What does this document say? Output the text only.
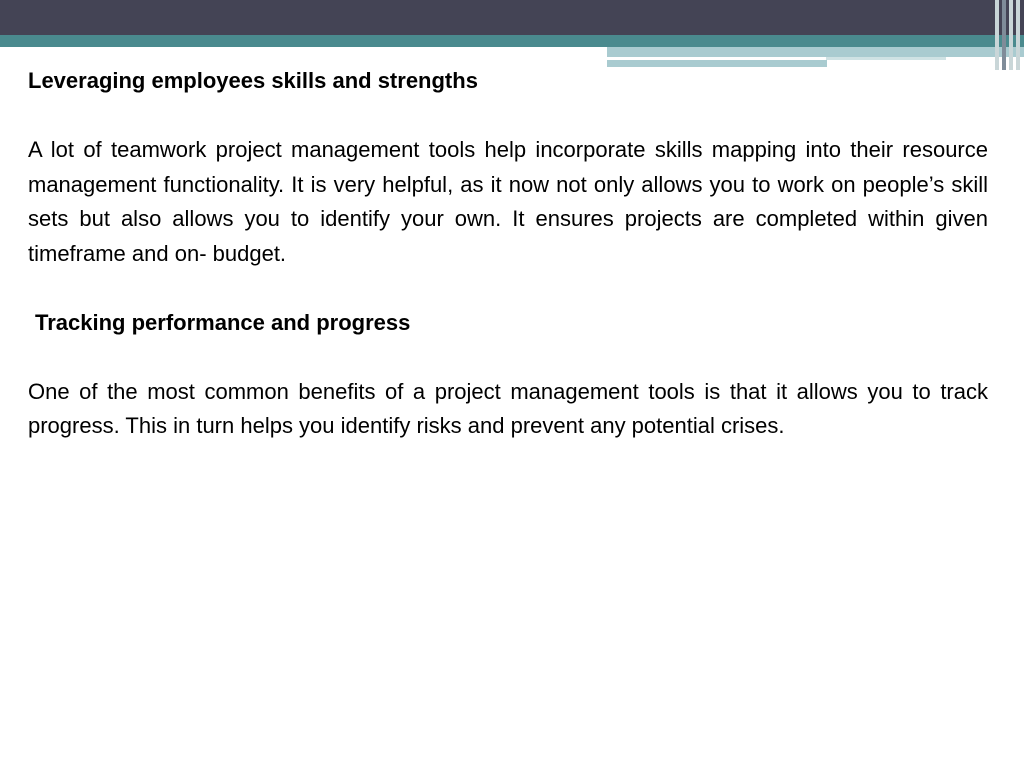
Leveraging employees skills and strengths

A lot of teamwork project management tools help incorporate skills mapping into their resource management functionality. It is very helpful, as it now not only allows you to work on people’s skill sets but also allows you to identify your own. It ensures projects are completed within given timeframe and on- budget.

Tracking performance and progress

One of the most common benefits of a project management tools is that it allows you to track progress. This in turn helps you identify risks and prevent any potential crises.
